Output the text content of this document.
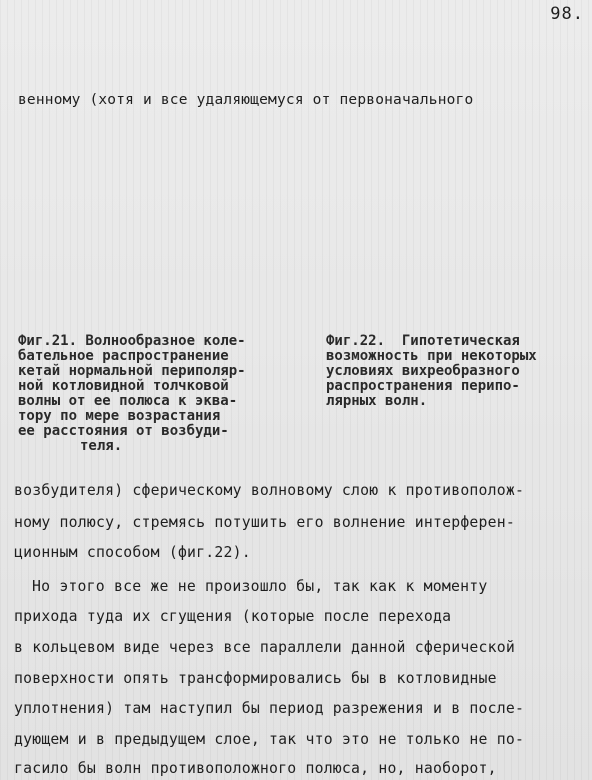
98.
венному (хотя и все удаляющемуся от первоначального
Фиг.21. Волнообразное коле-
бательное распространение
кетай нормальной периполяр-
ной котловидной толчковой
волны от ее полюса к эква-
тору по мере возрастания
ее расстояния от возбуди-
теля.
Фиг.22.  Гипотетическая
возможность при некоторых
условиях вихреобразного
распространения перипо-
лярных волн.
возбудителя) сферическому волновому слою к противополож-
ному полюсу, стремясь потушить его волнение интерферен-
ционным способом (фиг.22).
Но этого все же не произошло бы, так как к моменту
прихода туда их сгущения (которые после перехода
в кольцевом виде через все параллели данной сферической
поверхности опять трансформировались бы в котловидные
уплотнения) там наступил бы период разрежения и в после-
дующем и в предыдущем слое, так что это не только не по-
гасило бы волн противоположного полюса, но, наоборот,
